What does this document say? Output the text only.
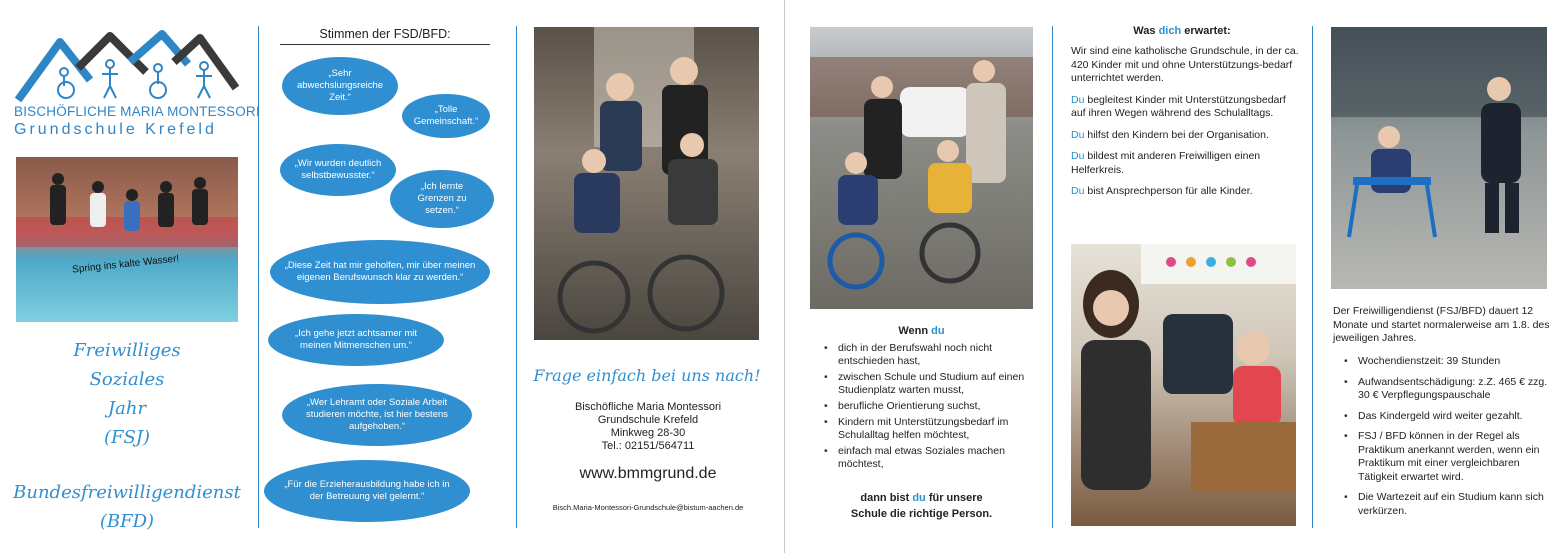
BISCHÖFLICHE MARIA MONTESSORI
Grundschule Krefeld
Spring ins kalte Wasser!
Freiwilliges
Soziales
Jahr
(FSJ)
Bundesfreiwilligendienst
(BFD)
Stimmen der FSD/BFD:
„Sehr abwechslungsreiche Zeit.“
„Tolle Gemeinschaft.“
„Wir wurden deutlich selbstbewusster.“
„Ich lernte Grenzen zu setzen.“
„Diese Zeit hat mir geholfen, mir über meinen eigenen Berufswunsch klar zu werden.“
„Ich gehe jetzt achtsamer mit meinen Mitmenschen um.“
„Wer Lehramt oder Soziale Arbeit studieren möchte, ist hier bestens aufgehoben.“
„Für die Erzieherausbildung habe ich in der Betreuung viel gelernt.“
Frage einfach bei uns nach!
Bischöfliche Maria Montessori
Grundschule Krefeld
Minkweg 28-30
Tel.: 02151/564711
www.bmmgrund.de
Bisch.Maria-Montessori-Grundschule@bistum-aachen.de
Wenn du
• dich in der Berufswahl noch nicht entschieden hast,
• zwischen Schule und Studium auf einen Studienplatz warten musst,
• berufliche Orientierung suchst,
• Kindern mit Unterstützungsbedarf im Schulalltag helfen möchtest,
• einfach mal etwas Soziales machen möchtest,
dann bist du für unsere
Schule die richtige Person.
Was dich erwartet:

Wir sind eine katholische Grundschule, in der ca. 420 Kinder mit und ohne Unterstützungs-bedarf unterrichtet werden.

Du begleitest Kinder mit Unterstützungsbedarf auf ihren Wegen während des Schulalltags.

Du hilfst den Kindern bei der Organisation.

Du bildest mit anderen Freiwilligen einen Helferkreis.

Du bist Ansprechperson für alle Kinder.

Der Freiwilligendienst (FSJ/BFD) dauert 12 Monate und startet normalerweise am 1.8. des jeweiligen Jahres.
• Wochendienstzeit: 39 Stunden
• Aufwandsentschädigung: z.Z. 465 € zzg. 30 € Verpflegungspauschale
• Das Kindergeld wird weiter gezahlt.
• FSJ / BFD können in der Regel als Praktikum anerkannt werden, wenn ein Praktikum mit einer vergleichbaren Tätigkeit erwartet wird.
• Die Wartezeit auf ein Studium kann sich verkürzen.
